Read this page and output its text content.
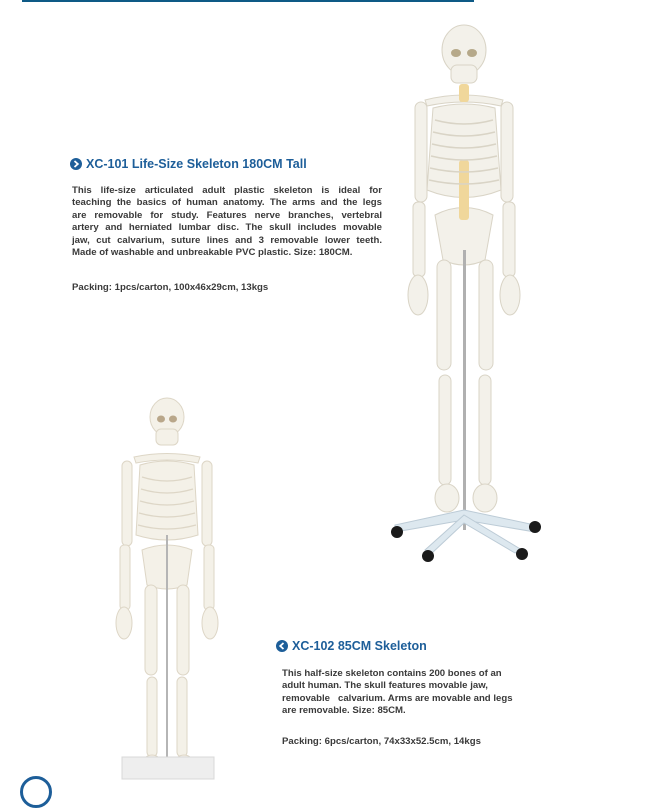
XC-101 Life-Size Skeleton 180CM Tall
This life-size articulated adult plastic skeleton is ideal for
teaching the basics of human anatomy. The arms and the legs
are removable for study. Features nerve branches, vertebral
artery and herniated lumbar disc. The skull includes movable
jaw, cut calvarium, suture lines and 3 removable lower teeth.
Made of washable and unbreakable PVC plastic. Size: 180CM.
Packing: 1pcs/carton, 100x46x29cm, 13kgs
XC-102 85CM Skeleton
This half-size skeleton contains 200 bones of an
adult human. The skull features movable jaw,
removable   calvarium. Arms are movable and legs
are removable. Size: 85CM.
Packing: 6pcs/carton, 74x33x52.5cm, 14kgs
